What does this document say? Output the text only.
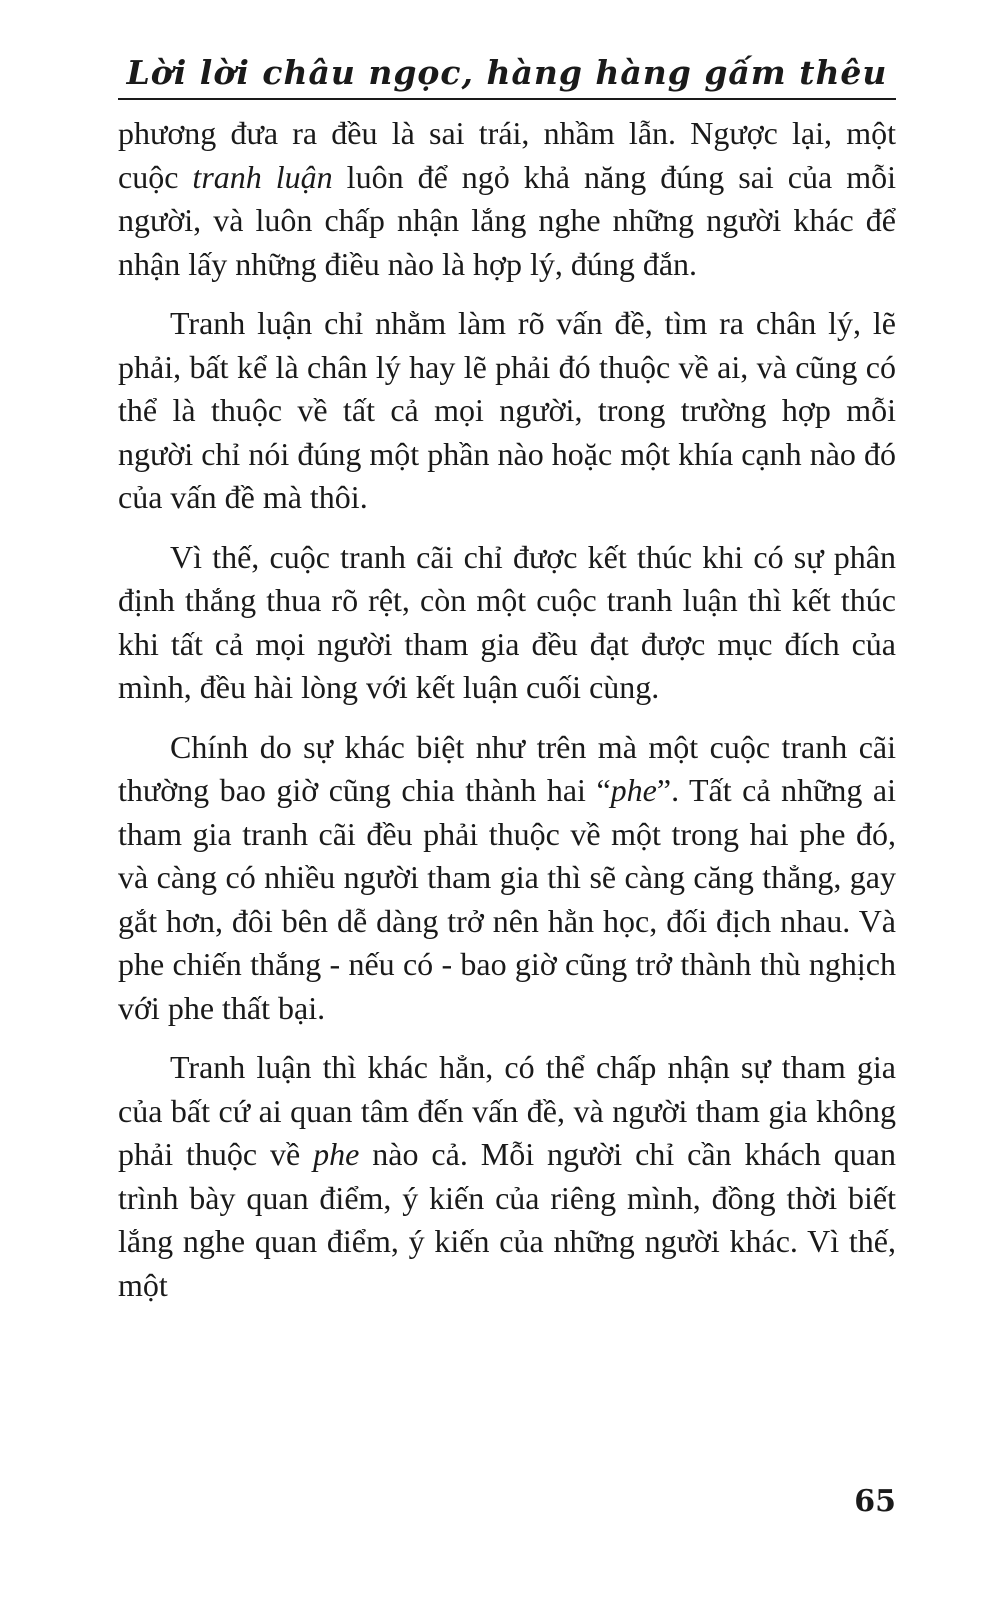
Lời lời châu ngọc, hàng hàng gấm thêu

phương đưa ra đều là sai trái, nhầm lẫn. Ngược lại, một cuộc tranh luận luôn để ngỏ khả năng đúng sai của mỗi người, và luôn chấp nhận lắng nghe những người khác để nhận lấy những điều nào là hợp lý, đúng đắn.

Tranh luận chỉ nhằm làm rõ vấn đề, tìm ra chân lý, lẽ phải, bất kể là chân lý hay lẽ phải đó thuộc về ai, và cũng có thể là thuộc về tất cả mọi người, trong trường hợp mỗi người chỉ nói đúng một phần nào hoặc một khía cạnh nào đó của vấn đề mà thôi.

Vì thế, cuộc tranh cãi chỉ được kết thúc khi có sự phân định thắng thua rõ rệt, còn một cuộc tranh luận thì kết thúc khi tất cả mọi người tham gia đều đạt được mục đích của mình, đều hài lòng với kết luận cuối cùng.

Chính do sự khác biệt như trên mà một cuộc tranh cãi thường bao giờ cũng chia thành hai “phe”. Tất cả những ai tham gia tranh cãi đều phải thuộc về một trong hai phe đó, và càng có nhiều người tham gia thì sẽ càng căng thẳng, gay gắt hơn, đôi bên dễ dàng trở nên hằn học, đối địch nhau. Và phe chiến thắng - nếu có - bao giờ cũng trở thành thù nghịch với phe thất bại.

Tranh luận thì khác hẳn, có thể chấp nhận sự tham gia của bất cứ ai quan tâm đến vấn đề, và người tham gia không phải thuộc về phe nào cả. Mỗi người chỉ cần khách quan trình bày quan điểm, ý kiến của riêng mình, đồng thời biết lắng nghe quan điểm, ý kiến của những người khác. Vì thế, một

65
